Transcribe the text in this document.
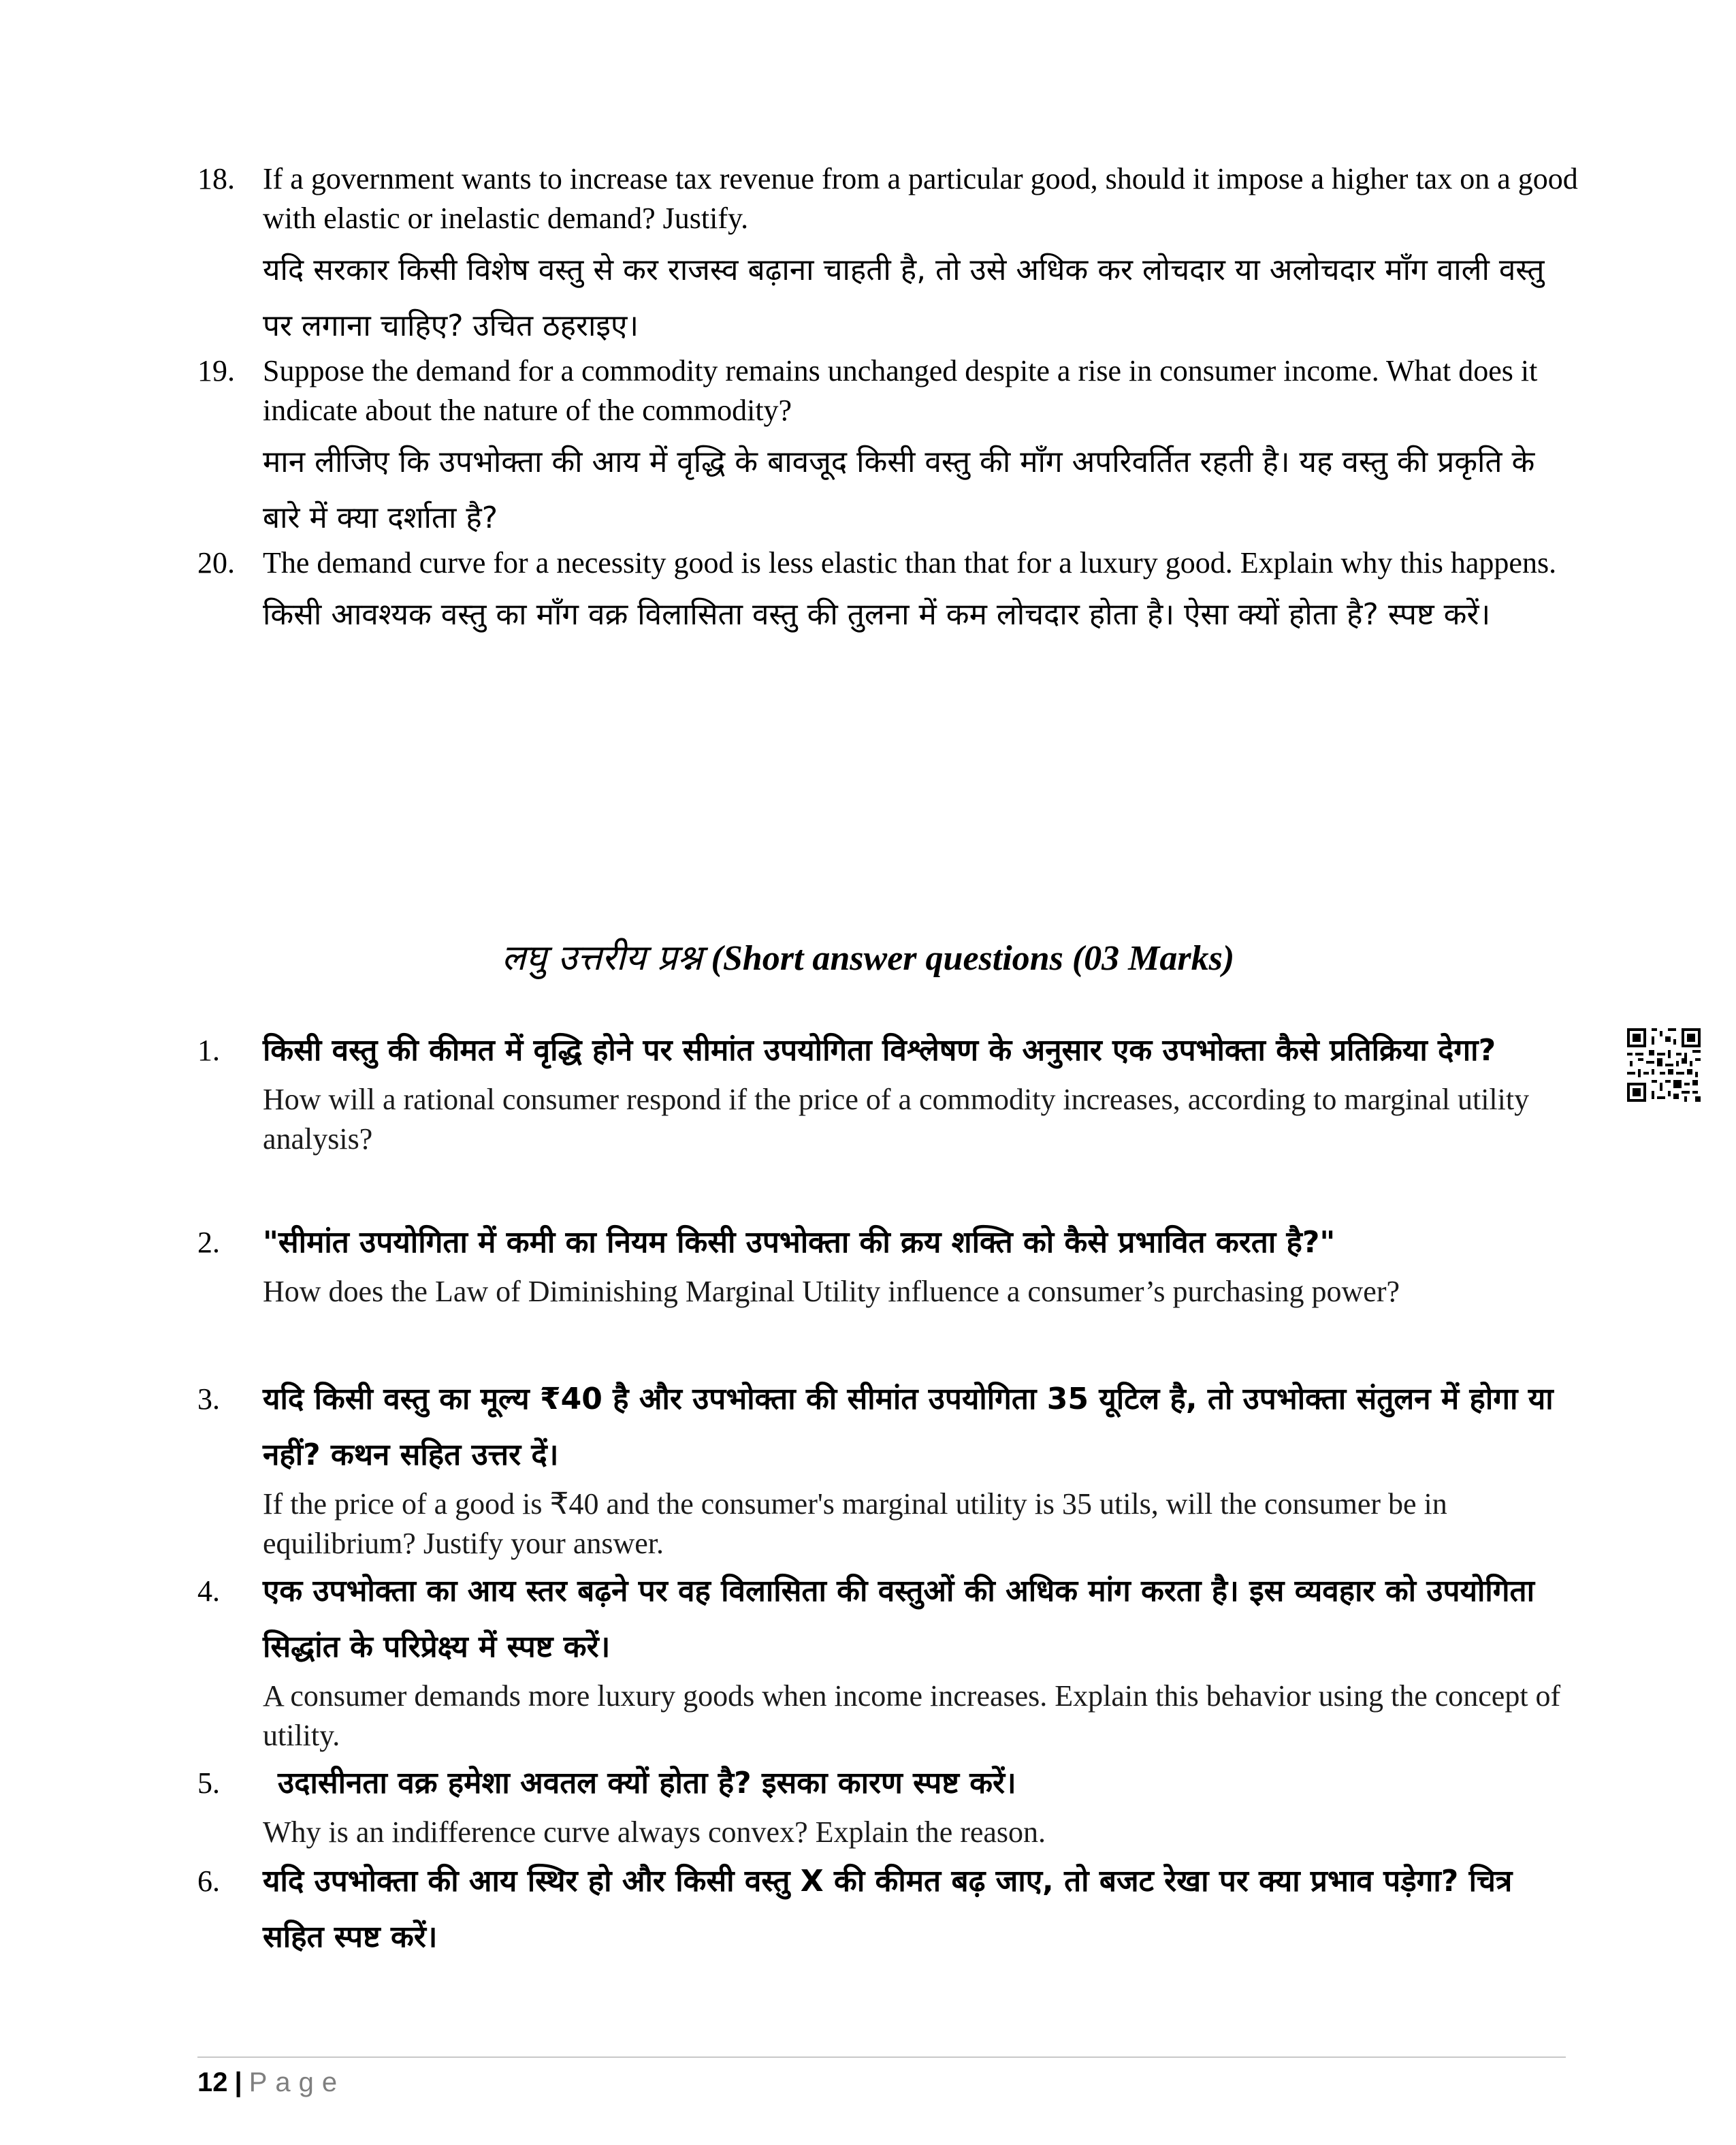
18. If a government wants to increase tax revenue from a particular good, should it impose a higher tax on a good with elastic or inelastic demand? Justify.
यदि सरकार किसी विशेष वस्तु से कर राजस्व बढ़ाना चाहती है, तो उसे अधिक कर लोचदार या अलोचदार माँग वाली वस्तु पर लगाना चाहिए? उचित ठहराइए।
19. Suppose the demand for a commodity remains unchanged despite a rise in consumer income. What does it indicate about the nature of the commodity?
मान लीजिए कि उपभोक्ता की आय में वृद्धि के बावजूद किसी वस्तु की माँग अपरिवर्तित रहती है। यह वस्तु की प्रकृति के बारे में क्या दर्शाता है?
20. The demand curve for a necessity good is less elastic than that for a luxury good. Explain why this happens.
किसी आवश्यक वस्तु का माँग वक्र विलासिता वस्तु की तुलना में कम लोचदार होता है। ऐसा क्यों होता है? स्पष्ट करें।
लघु उत्तरीय प्रश्न (Short answer questions (03 Marks)
1.	किसी वस्तु की कीमत में वृद्धि होने पर सीमांत उपयोगिता विश्लेषण के अनुसार एक उपभोक्ता कैसे प्रतिक्रिया देगा?
How will a rational consumer respond if the price of a commodity increases, according to marginal utility analysis?
2.	"सीमांत उपयोगिता में कमी का नियम किसी उपभोक्ता की क्रय शक्ति को कैसे प्रभावित करता है?"
How does the Law of Diminishing Marginal Utility influence a consumer’s purchasing power?
3.	यदि किसी वस्तु का मूल्य ₹40 है और उपभोक्ता की सीमांत उपयोगिता 35 यूटिल है, तो उपभोक्ता संतुलन में होगा या नहीं? कथन सहित उत्तर दें।
If the price of a good is ₹40 and the consumer's marginal utility is 35 utils, will the consumer be in equilibrium? Justify your answer.
4.	एक उपभोक्ता का आय स्तर बढ़ने पर वह विलासिता की वस्तुओं की अधिक मांग करता है। इस व्यवहार को उपयोगिता सिद्धांत के परिप्रेक्ष्य में स्पष्ट करें।
A consumer demands more luxury goods when income increases. Explain this behavior using the concept of utility.
5.	उदासीनता वक्र हमेशा अवतल क्यों होता है? इसका कारण स्पष्ट करें।
Why is an indifference curve always convex? Explain the reason.
6.	यदि उपभोक्ता की आय स्थिर हो और किसी वस्तु X की कीमत बढ़ जाए, तो बजट रेखा पर क्या प्रभाव पड़ेगा? चित्र सहित स्पष्ट करें।
12 | Page
